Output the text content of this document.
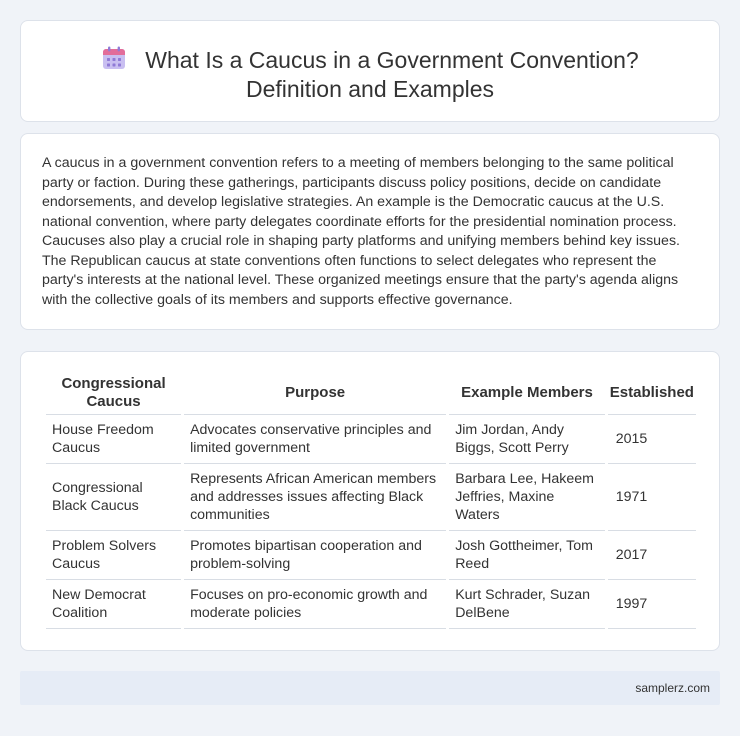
What Is a Caucus in a Government Convention?
Definition and Examples

A caucus in a government convention refers to a meeting of members belonging to the same political party or faction. During these gatherings, participants discuss policy positions, decide on candidate endorsements, and develop legislative strategies. An example is the Democratic caucus at the U.S. national convention, where party delegates coordinate efforts for the presidential nomination process. Caucuses also play a crucial role in shaping party platforms and unifying members behind key issues. The Republican caucus at state conventions often functions to select delegates who represent the party's interests at the national level. These organized meetings ensure that the party's agenda aligns with the collective goals of its members and supports effective governance.

Congressional Caucus	Purpose	Example Members	Established
House Freedom Caucus	Advocates conservative principles and limited government	Jim Jordan, Andy Biggs, Scott Perry	2015
Congressional Black Caucus	Represents African American members and addresses issues affecting Black communities	Barbara Lee, Hakeem Jeffries, Maxine Waters	1971
Problem Solvers Caucus	Promotes bipartisan cooperation and problem-solving	Josh Gottheimer, Tom Reed	2017
New Democrat Coalition	Focuses on pro-economic growth and moderate policies	Kurt Schrader, Suzan DelBene	1997
samplerz.com
